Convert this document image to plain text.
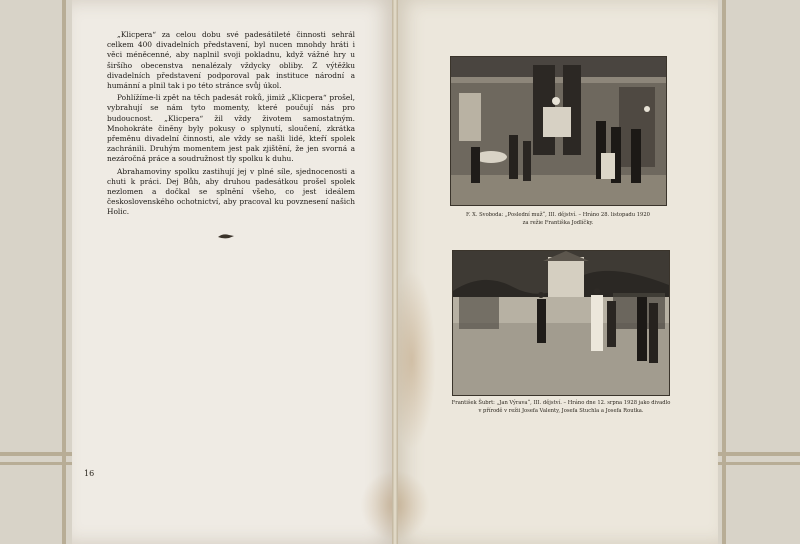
„Klicpera“ za celou dobu své padesátileté činnosti sehrál celkem 400 divadelních představení, byl nucen mnohdy hráti i věci méněcenné, aby naplnil svoji pokladnu, když vážné hry u širšího obecenstva nenalézaly vždycky obliby. Z výtěžku divadelních představení podporoval pak instituce národní a humánní a plnil tak i po této stránce svůj úkol.

Pohlížíme-li zpět na těch padesát roků, jimiž „Klicpera“ prošel, vybrahují se nám tyto momenty, které poučují nás pro budoucnost. „Klicpera“ žil vždy životem samostatným. Mnohokráte činěny byly pokusy o splynutí, sloučení, zkrátka přeměnu divadelní činnosti, ale vždy se našli lidé, kteří spolek zachránili. Druhým momentem jest pak zjištění, že jen svorná a nezáročná práce a soudružnost tly spolku k duhu.

Abrahamoviny spolku zastihují jej v plné síle, sjednocenosti a chuti k práci. Dej Bůh, aby druhou padesátkou prošel spolek nezlomen a dočkal se splnění všeho, co jest ideálem československého ochotnictví, aby pracoval ku povznesení našich Holic.

16

F. X. Svoboda: „Poslední muž“, III. dějství. – Hráno 28. listopadu 1920
za režie Františka Jodlíčky.

František Šubrt: „Jan Výrava“, III. dějství. – Hráno dne 12. srpna 1928 jako divadlo
v přírodě v režii Josefa Valenty, Josefa Stuchla a Josefa Routka.
